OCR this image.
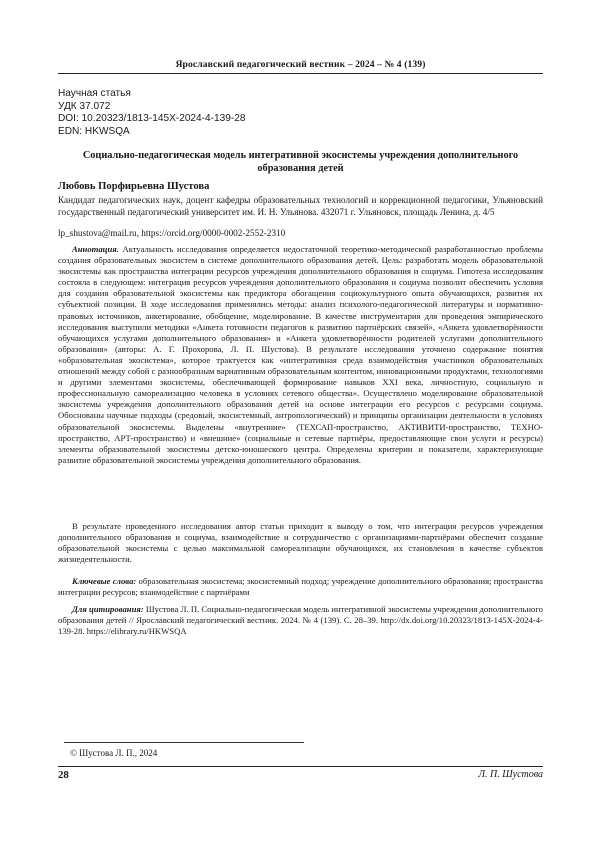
Ярославский педагогический вестник – 2024 – № 4 (139)
Научная статья
УДК 37.072
DOI: 10.20323/1813-145X-2024-4-139-28
EDN: HKWSQA
Социально-педагогическая модель интегративной экосистемы учреждения дополнительного образования детей
Любовь Порфирьевна Шустова
Кандидат педагогических наук, доцент кафедры образовательных технологий и коррекционной педагогики, Ульяновский государственный педагогический университет им. И. Н. Ульянова. 432071 г. Ульяновск, площадь Ленина, д. 4/5
lp_shustova@mail.ru, https://orcid.org/0000-0002-2552-2310

Аннотация. Актуальность исследования определяется недостаточной теоретико-методической разработанностью проблемы создания образовательных экосистем в системе дополнительного образования детей. Цель: разработать модель образовательной экосистемы как пространства интеграции ресурсов учреждения дополнительного образования и социума. Гипотеза исследования состояла в следующем: интеграция ресурсов учреждения дополнительного образования и социума позволит обеспечить условия для создания образовательной экосистемы как предиктора обогащения социокультурного опыта обучающихся, развития их субъектной позиции. В ходе исследования применялись методы: анализ психолого-педагогической литературы и нормативно-правовых источников, анкетирование, обобщение, моделирование. В качестве инструментария для проведения эмпирического исследования выступили методики «Анкета готовности педагогов к развитию партнёрских связей», «Анкета удовлетворённости обучающихся услугами дополнительного образования» и «Анкета удовлетворённости родителей услугами дополнительного образования» (авторы: А. Г. Прохорова, Л. П. Шустова). В результате исследования уточнено содержание понятия «образовательная экосистема», которое трактуется как «интегративная среда взаимодействия участников образовательных отношений между собой с разнообразным вариативным образовательным контентом, инновационными продуктами, технологиями и другими элементами экосистемы, обеспечивающей формирование навыков XXI века, личностную, социальную и профессиональную самореализацию человека в условиях сетевого общества». Осуществлено моделирование образовательной экосистемы учреждения дополнительного образования детей на основе интеграции его ресурсов с ресурсами социума. Обоснованы научные подходы (средовый, экосистемный, антропологический) и принципы организации деятельности в условиях образовательной экосистемы. Выделены «внутренние» (ТЕХСАП-пространство, АКТИВИТИ-пространство, ТЕХНО-пространство, АРТ-пространство) и «внешние» (социальные и сетевые партнёры, предоставляющие свои услуги и ресурсы) элементы образовательной экосистемы детско-юношеского центра. Определены критерии и показатели, характеризующие развитие образовательной экосистемы учреждения дополнительного образования.

В результате проведенного исследования автор статьи приходит к выводу о том, что интеграция ресурсов учреждения дополнительного образования и социума, взаимодействие и сотрудничество с организациями-партнёрами обеспечит создание образовательной экосистемы с целью максимальной самореализации обучающихся, их становления в качестве субъектов жизнедеятельности.

Ключевые слова: образовательная экосистема; экосистемный подход; учреждение дополнительного образования; пространства интеграции ресурсов; взаимодействие с партнёрами

Для цитирования: Шустова Л. П. Социально-педагогическая модель интегративной экосистемы учреждения дополнительного образования детей // Ярославский педагогический вестник. 2024. № 4 (139). С. 28–39. http://dx.doi.org/10.20323/1813-145X-2024-4-139-28. https://elibrary.ru/HKWSQA

© Шустова Л. П., 2024
28	Л. П. Шустова
